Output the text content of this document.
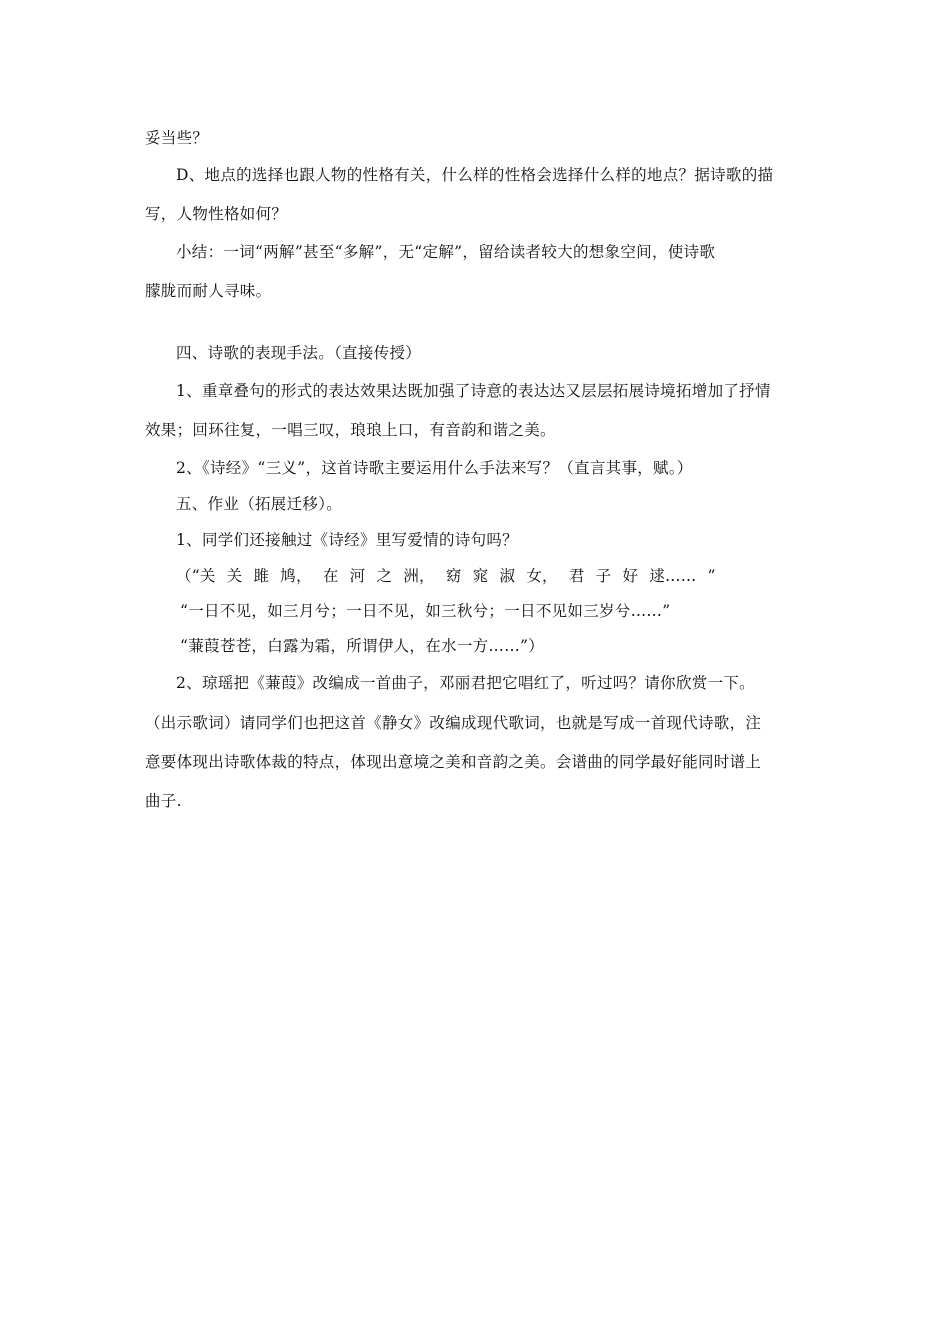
妥当些？
D、地点的选择也跟人物的性格有关，什么样的性格会选择什么样的地点？据诗歌的描
写，人物性格如何？
小结：一词“两解”甚至“多解”，无“定解”，留给读者较大的想象空间，使诗歌
朦胧而耐人寻味。
四、诗歌的表现手法。（直接传授）
1、重章叠句的形式的表达效果达既加强了诗意的表达达又层层拓展诗境拓增加了抒情
效果；回环往复，一唱三叹，琅琅上口，有音韵和谐之美。
2、《诗经》“三义”，这首诗歌主要运用什么手法来写？（直言其事，赋。）
五、作业（拓展迁移）。
1、同学们还接触过《诗经》里写爱情的诗句吗？
（“关 关 雎 鸠， 在 河 之 洲， 窈 窕 淑 女， 君 子 好 逑…… ”
“一日不见，如三月兮；一日不见，如三秋兮；一日不见如三岁兮……”
“蒹葭苍苍，白露为霜，所谓伊人，在水一方……”）
2、琼瑶把《蒹葭》改编成一首曲子，邓丽君把它唱红了，听过吗？请你欣赏一下。
（出示歌词）请同学们也把这首《静女》改编成现代歌词，也就是写成一首现代诗歌，注
意要体现出诗歌体裁的特点，体现出意境之美和音韵之美。会谱曲的同学最好能同时谱上
曲子.
